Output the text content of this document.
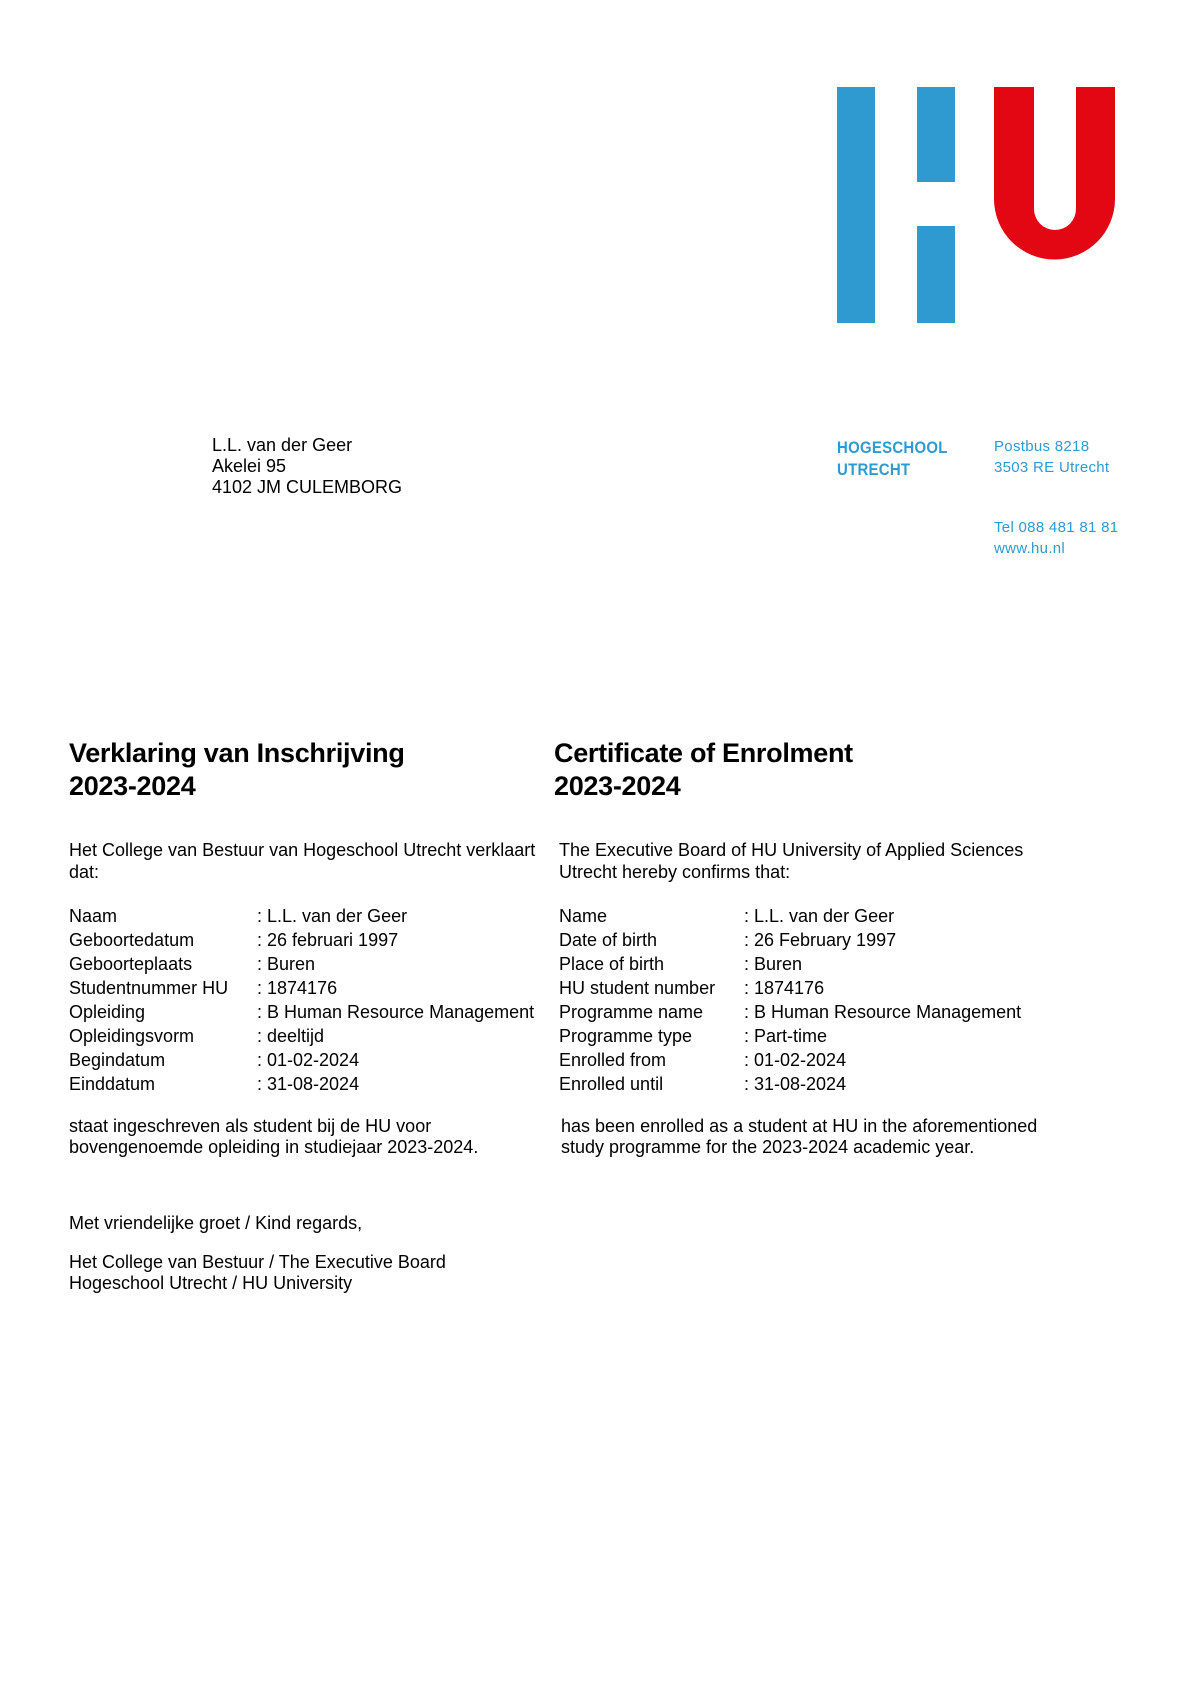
L.L. van der Geer
Akelei 95
4102 JM CULEMBORG
HOGESCHOOL
UTRECHT
Postbus 8218
3503 RE Utrecht
Tel 088 481 81 81
www.hu.nl
Verklaring van Inschrijving
2023-2024
Het College van Bestuur van Hogeschool Utrecht verklaart dat:
Naam	: L.L. van der Geer
Geboortedatum	: 26 februari 1997
Geboorteplaats	: Buren
Studentnummer HU	: 1874176
Opleiding	: B Human Resource Management
Opleidingsvorm	: deeltijd
Begindatum	: 01-02-2024
Einddatum	: 31-08-2024
staat ingeschreven als student bij de HU voor
bovengenoemde opleiding in studiejaar 2023-2024.
Certificate of Enrolment
2023-2024
The Executive Board of HU University of Applied Sciences
Utrecht hereby confirms that:
Name	: L.L. van der Geer
Date of birth	: 26 February 1997
Place of birth	: Buren
HU student number	: 1874176
Programme name	: B Human Resource Management
Programme type	: Part-time
Enrolled from	: 01-02-2024
Enrolled until	: 31-08-2024
has been enrolled as a student at HU in the aforementioned
study programme for the 2023-2024 academic year.
Met vriendelijke groet / Kind regards,
Het College van Bestuur / The Executive Board
Hogeschool Utrecht / HU University
